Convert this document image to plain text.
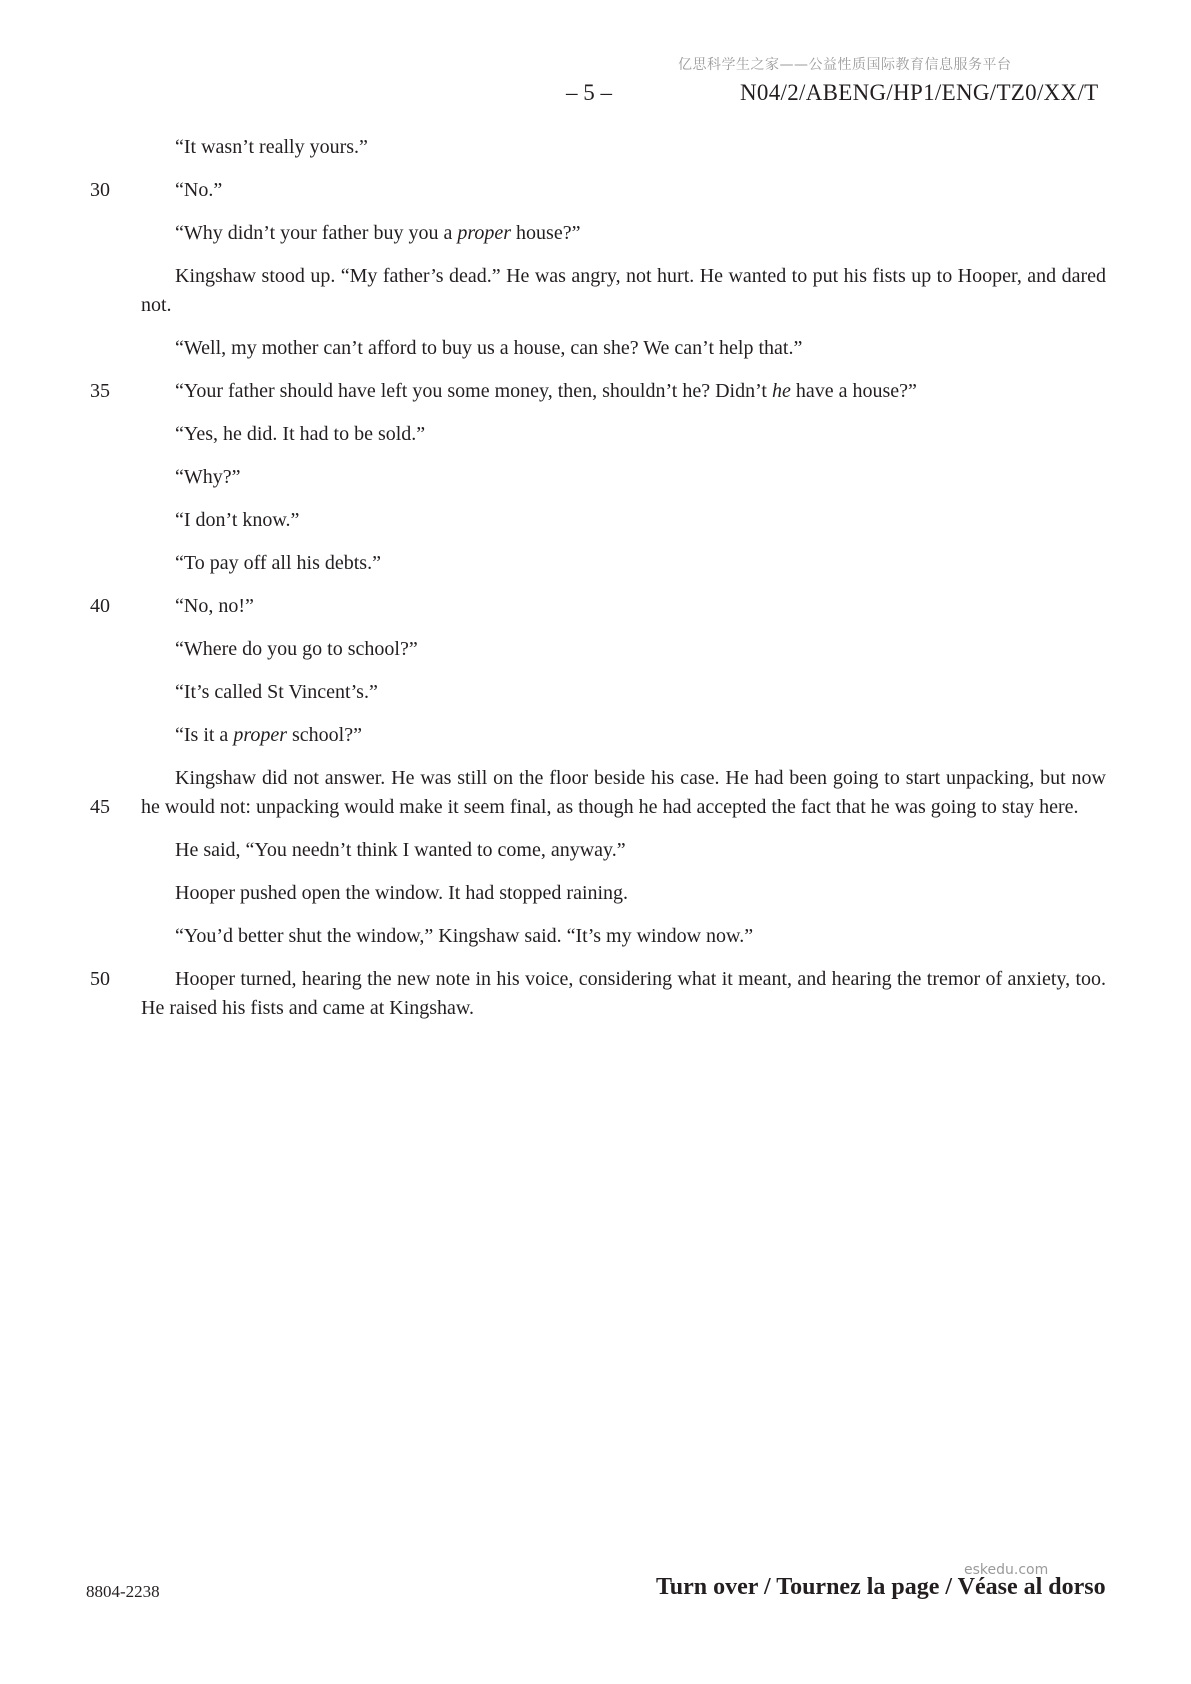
亿思科学生之家——公益性质国际教育信息服务平台
– 5 –	N04/2/ABENG/HP1/ENG/TZ0/XX/T
“It wasn’t really yours.”
30	“No.”
“Why didn’t your father buy you a proper house?”
Kingshaw stood up. “My father’s dead.” He was angry, not hurt. He wanted to put his fists up to Hooper, and dared not.
“Well, my mother can’t afford to buy us a house, can she? We can’t help that.”
35	“Your father should have left you some money, then, shouldn’t he? Didn’t he have a house?”
“Yes, he did. It had to be sold.”
“Why?”
“I don’t know.”
“To pay off all his debts.”
40	“No, no!”
“Where do you go to school?”
“It’s called St Vincent’s.”
“Is it a proper school?”
45
Kingshaw did not answer. He was still on the floor beside his case. He had been going to start unpacking, but now he would not: unpacking would make it seem final, as though he had accepted the fact that he was going to stay here.
He said, “You needn’t think I wanted to come, anyway.”
Hooper pushed open the window. It had stopped raining.
“You’d better shut the window,” Kingshaw said. “It’s my window now.”
50	Hooper turned, hearing the new note in his voice, considering what it meant, and hearing the tremor of anxiety, too. He raised his fists and came at Kingshaw.
8804-2238
eskedu.com
Turn over / Tournez la page / Véase al dorso
